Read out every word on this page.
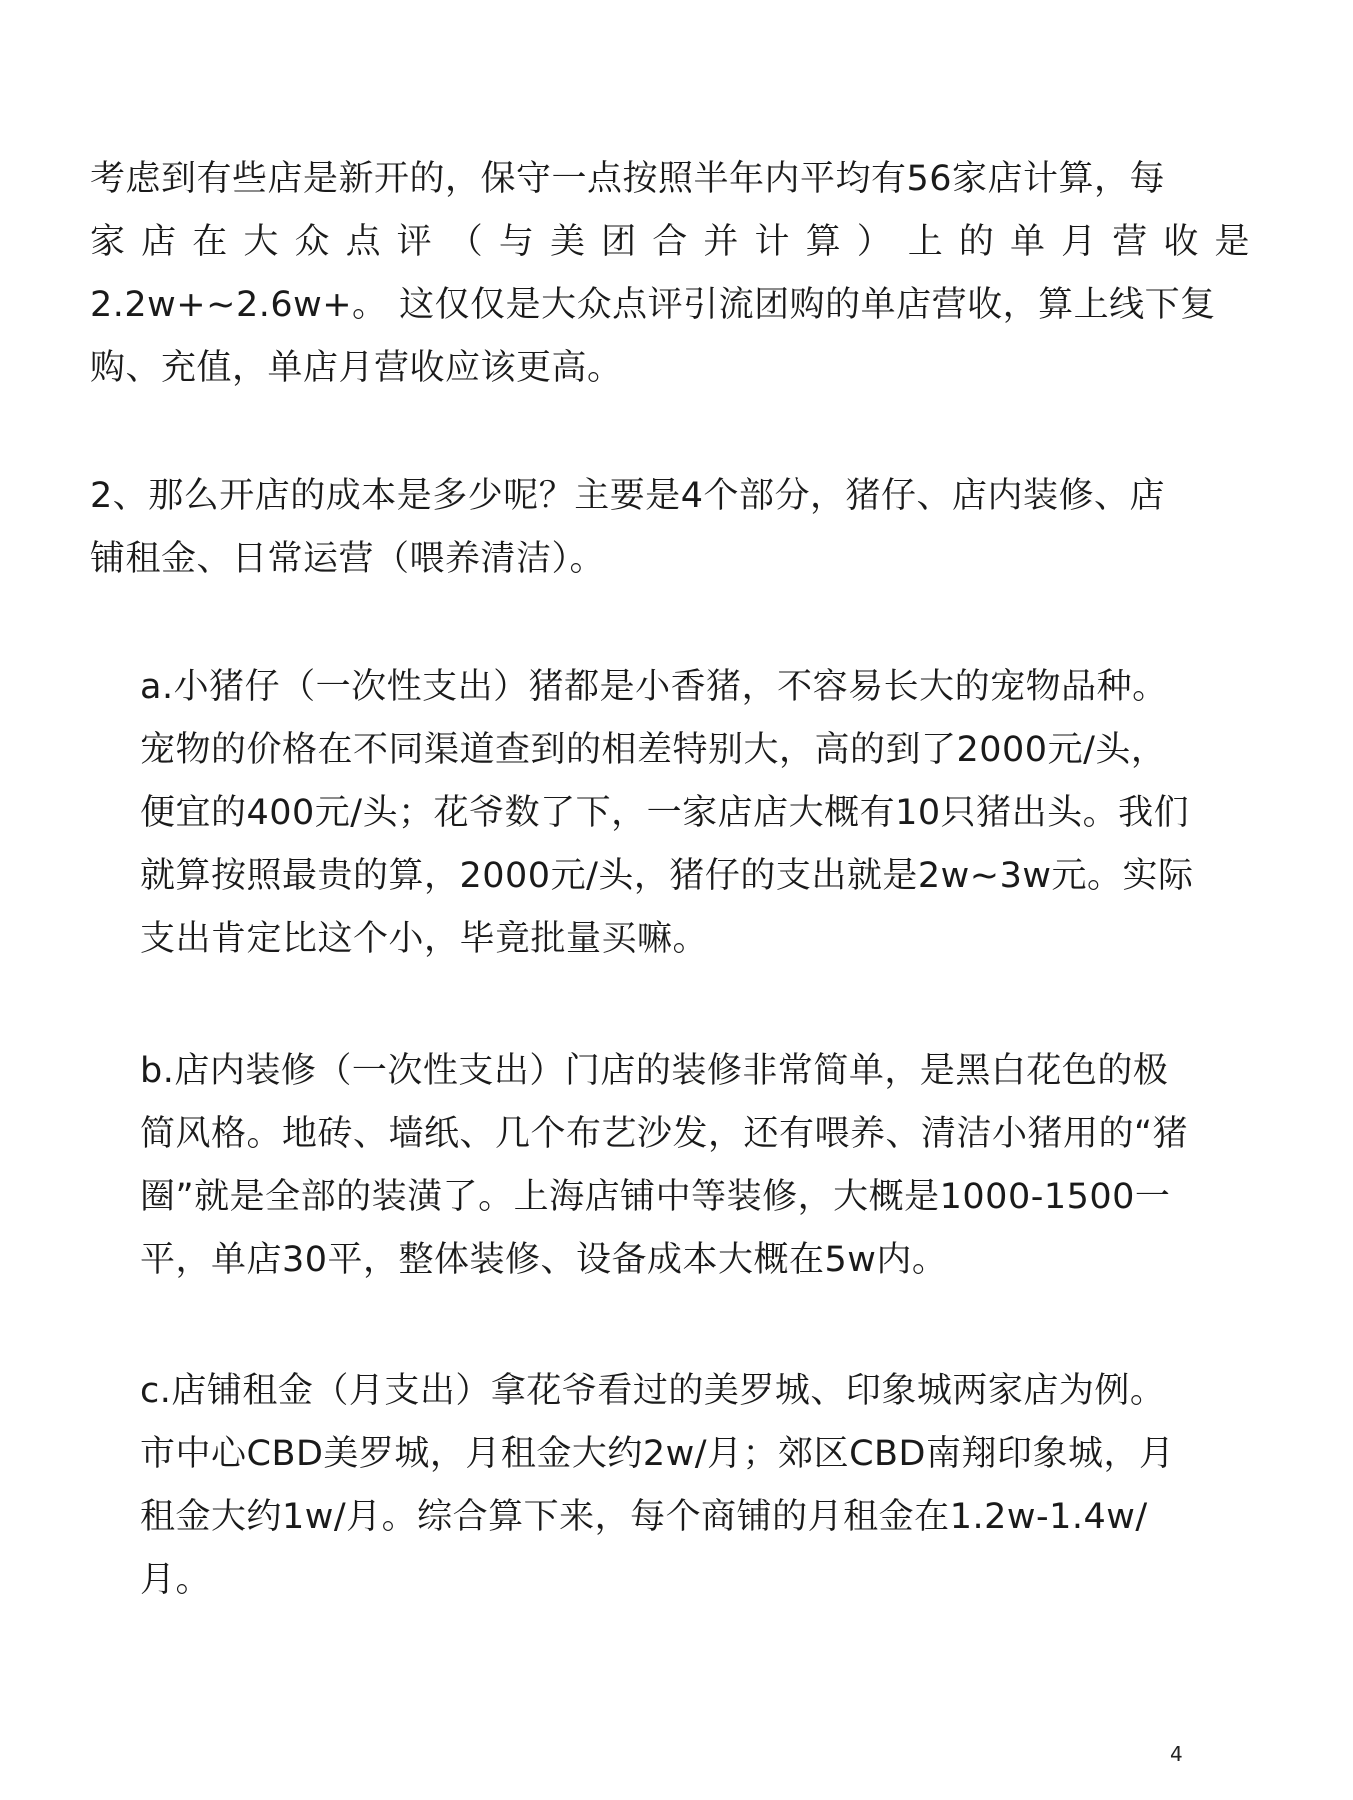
考虑到有些店是新开的，保守一点按照半年内平均有56家店计算，每
家店在大众点评（与美团合并计算）上的单月营收是
2.2w+~2.6w+。 这仅仅是大众点评引流团购的单店营收，算上线下复
购、充值，单店月营收应该更高。
2、那么开店的成本是多少呢？主要是4个部分，猪仔、店内装修、店
铺租金、日常运营（喂养清洁）。
a.小猪仔（一次性支出）猪都是小香猪，不容易长大的宠物品种。
宠物的价格在不同渠道查到的相差特别大，高的到了2000元/头，
便宜的400元/头；花爷数了下，一家店店大概有10只猪出头。我们
就算按照最贵的算，2000元/头，猪仔的支出就是2w~3w元。实际
支出肯定比这个小，毕竟批量买嘛。
b.店内装修（一次性支出）门店的装修非常简单，是黑白花色的极
简风格。地砖、墙纸、几个布艺沙发，还有喂养、清洁小猪用的“猪
圈”就是全部的装潢了。上海店铺中等装修，大概是1000-1500一
平，单店30平，整体装修、设备成本大概在5w内。
c.店铺租金（月支出）拿花爷看过的美罗城、印象城两家店为例。
市中心CBD美罗城，月租金大约2w/月；郊区CBD南翔印象城，月
租金大约1w/月。综合算下来，每个商铺的月租金在1.2w-1.4w/
月。
4
